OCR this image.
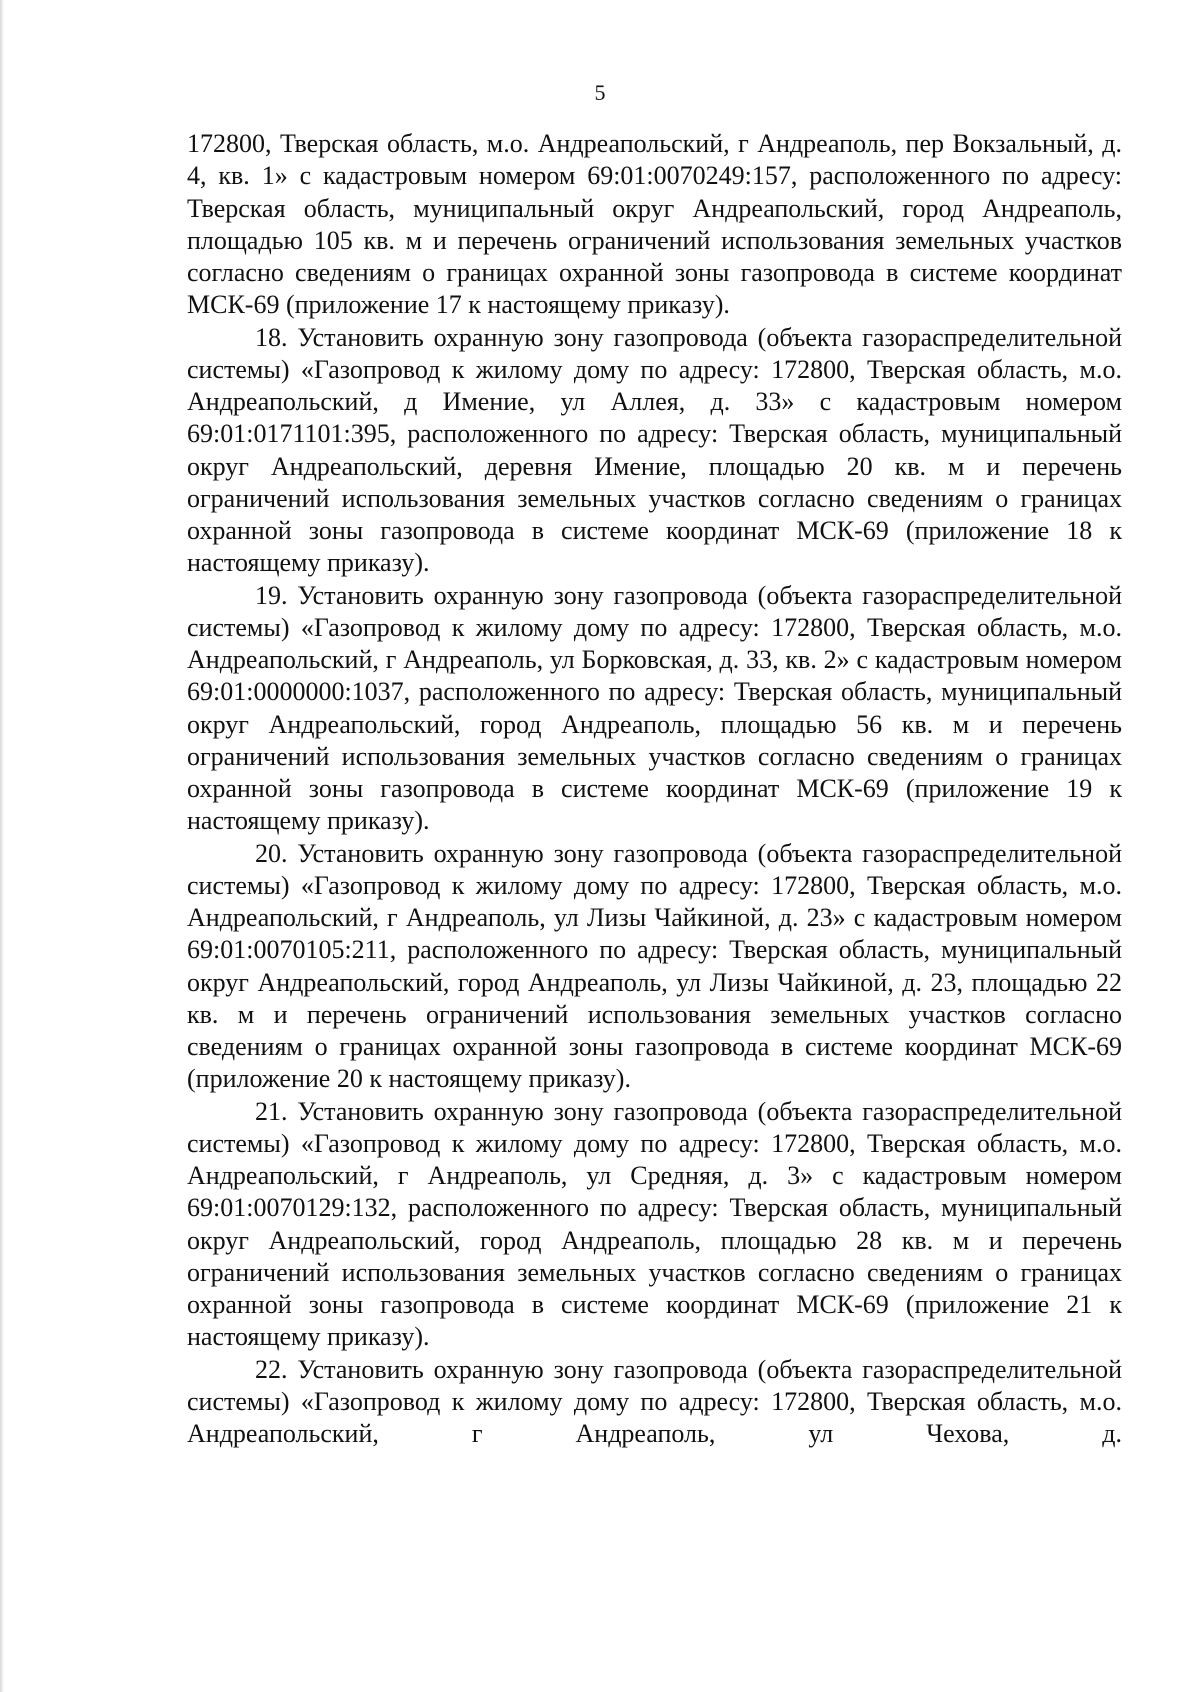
5

172800, Тверская область, м.о. Андреапольский, г Андреаполь, пер Вокзальный, д. 4, кв. 1» с кадастровым номером 69:01:0070249:157, расположенного по адресу: Тверская область, муниципальный округ Андреапольский, город Андреаполь, площадью 105 кв. м и перечень ограничений использования земельных участков согласно сведениям о границах охранной зоны газопровода в системе координат МСК-69 (приложение 17 к настоящему приказу).

18. Установить охранную зону газопровода (объекта газораспределительной системы) «Газопровод к жилому дому по адресу: 172800, Тверская область, м.о. Андреапольский, д Имение, ул Аллея, д. 33» с кадастровым номером 69:01:0171101:395, расположенного по адресу: Тверская область, муниципальный округ Андреапольский, деревня Имение, площадью 20 кв. м и перечень ограничений использования земельных участков согласно сведениям о границах охранной зоны газопровода в системе координат МСК-69 (приложение 18 к настоящему приказу).

19. Установить охранную зону газопровода (объекта газораспределительной системы) «Газопровод к жилому дому по адресу: 172800, Тверская область, м.о. Андреапольский, г Андреаполь, ул Борковская, д. 33, кв. 2» с кадастровым номером 69:01:0000000:1037, расположенного по адресу: Тверская область, муниципальный округ Андреапольский, город Андреаполь, площадью 56 кв. м и перечень ограничений использования земельных участков согласно сведениям о границах охранной зоны газопровода в системе координат МСК-69 (приложение 19 к настоящему приказу).

20. Установить охранную зону газопровода (объекта газораспределительной системы) «Газопровод к жилому дому по адресу: 172800, Тверская область, м.о. Андреапольский, г Андреаполь, ул Лизы Чайкиной, д. 23» с кадастровым номером 69:01:0070105:211, расположенного по адресу: Тверская область, муниципальный округ Андреапольский, город Андреаполь, ул Лизы Чайкиной, д. 23, площадью 22 кв. м и перечень ограничений использования земельных участков согласно сведениям о границах охранной зоны газопровода в системе координат МСК-69 (приложение 20 к настоящему приказу).

21. Установить охранную зону газопровода (объекта газораспределительной системы) «Газопровод к жилому дому по адресу: 172800, Тверская область, м.о. Андреапольский, г Андреаполь, ул Средняя, д. 3» с кадастровым номером 69:01:0070129:132, расположенного по адресу: Тверская область, муниципальный округ Андреапольский, город Андреаполь, площадью 28 кв. м и перечень ограничений использования земельных участков согласно сведениям о границах охранной зоны газопровода в системе координат МСК-69 (приложение 21 к настоящему приказу).

22. Установить охранную зону газопровода (объекта газораспределительной системы) «Газопровод к жилому дому по адресу: 172800, Тверская область, м.о. Андреапольский, г Андреаполь, ул Чехова, д.
